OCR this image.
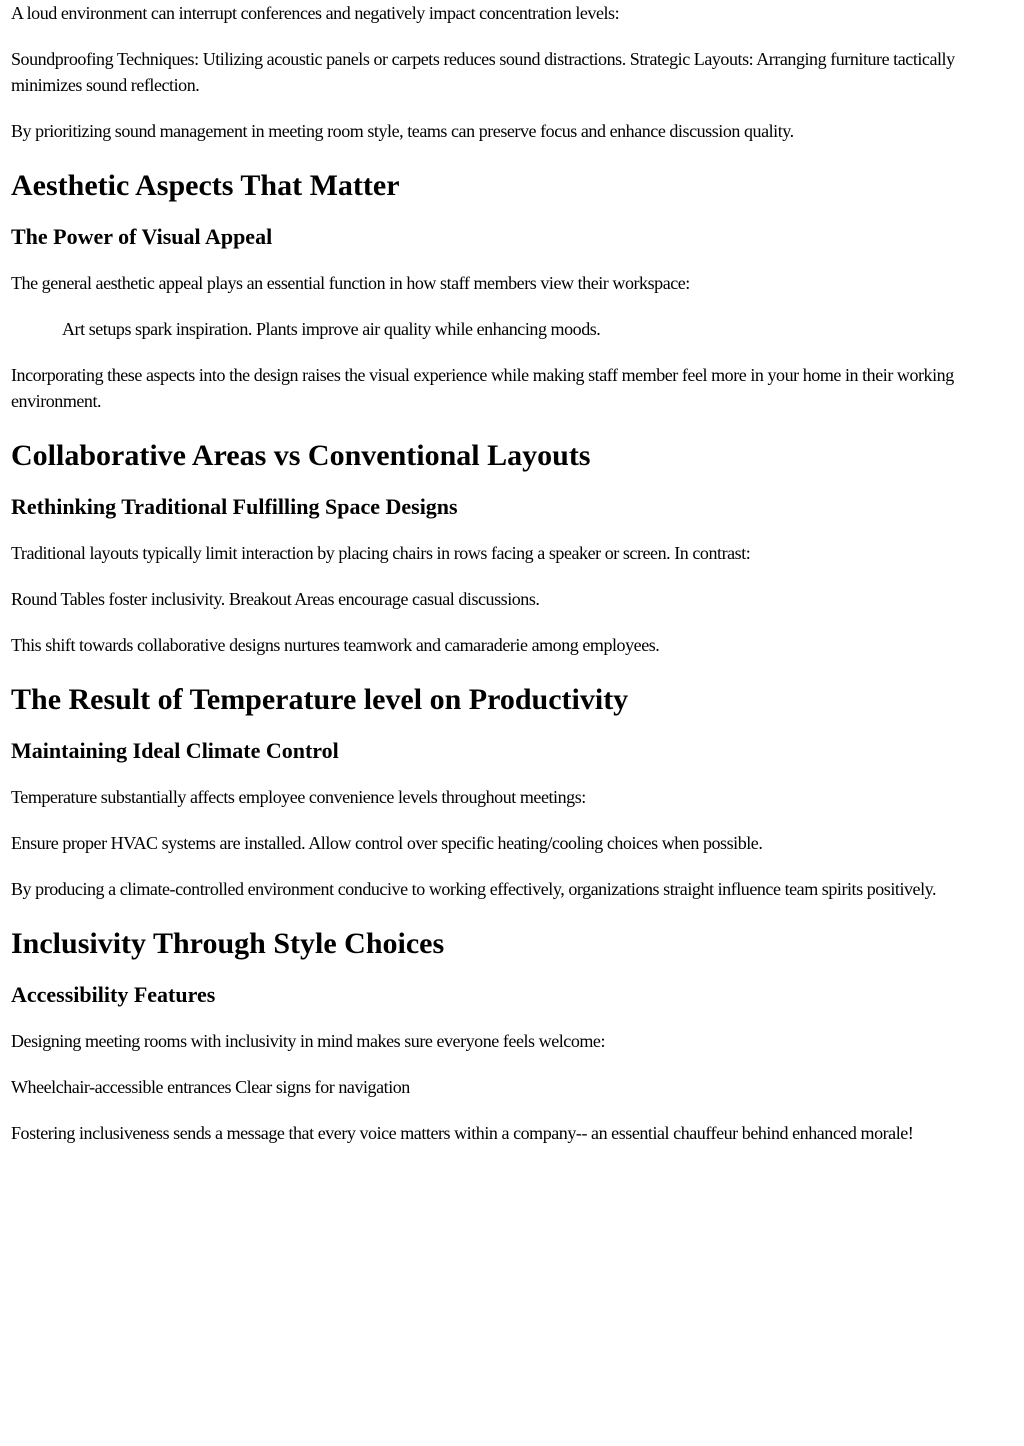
A loud environment can interrupt conferences and negatively impact concentration levels:

Soundproofing Techniques: Utilizing acoustic panels or carpets reduces sound distractions. Strategic Layouts: Arranging furniture tactically minimizes sound reflection.

By prioritizing sound management in meeting room style, teams can preserve focus and enhance discussion quality.

Aesthetic Aspects That Matter
The Power of Visual Appeal

The general aesthetic appeal plays an essential function in how staff members view their workspace:

Art setups spark inspiration. Plants improve air quality while enhancing moods.

Incorporating these aspects into the design raises the visual experience while making staff member feel more in your home in their working environment.

Collaborative Areas vs Conventional Layouts
Rethinking Traditional Fulfilling Space Designs

Traditional layouts typically limit interaction by placing chairs in rows facing a speaker or screen. In contrast:

Round Tables foster inclusivity. Breakout Areas encourage casual discussions.

This shift towards collaborative designs nurtures teamwork and camaraderie among employees.

The Result of Temperature level on Productivity
Maintaining Ideal Climate Control

Temperature substantially affects employee convenience levels throughout meetings:

Ensure proper HVAC systems are installed. Allow control over specific heating/cooling choices when possible.

By producing a climate-controlled environment conducive to working effectively, organizations straight influence team spirits positively.

Inclusivity Through Style Choices
Accessibility Features

Designing meeting rooms with inclusivity in mind makes sure everyone feels welcome:

Wheelchair-accessible entrances Clear signs for navigation

Fostering inclusiveness sends a message that every voice matters within a company-- an essential chauffeur behind enhanced morale!
